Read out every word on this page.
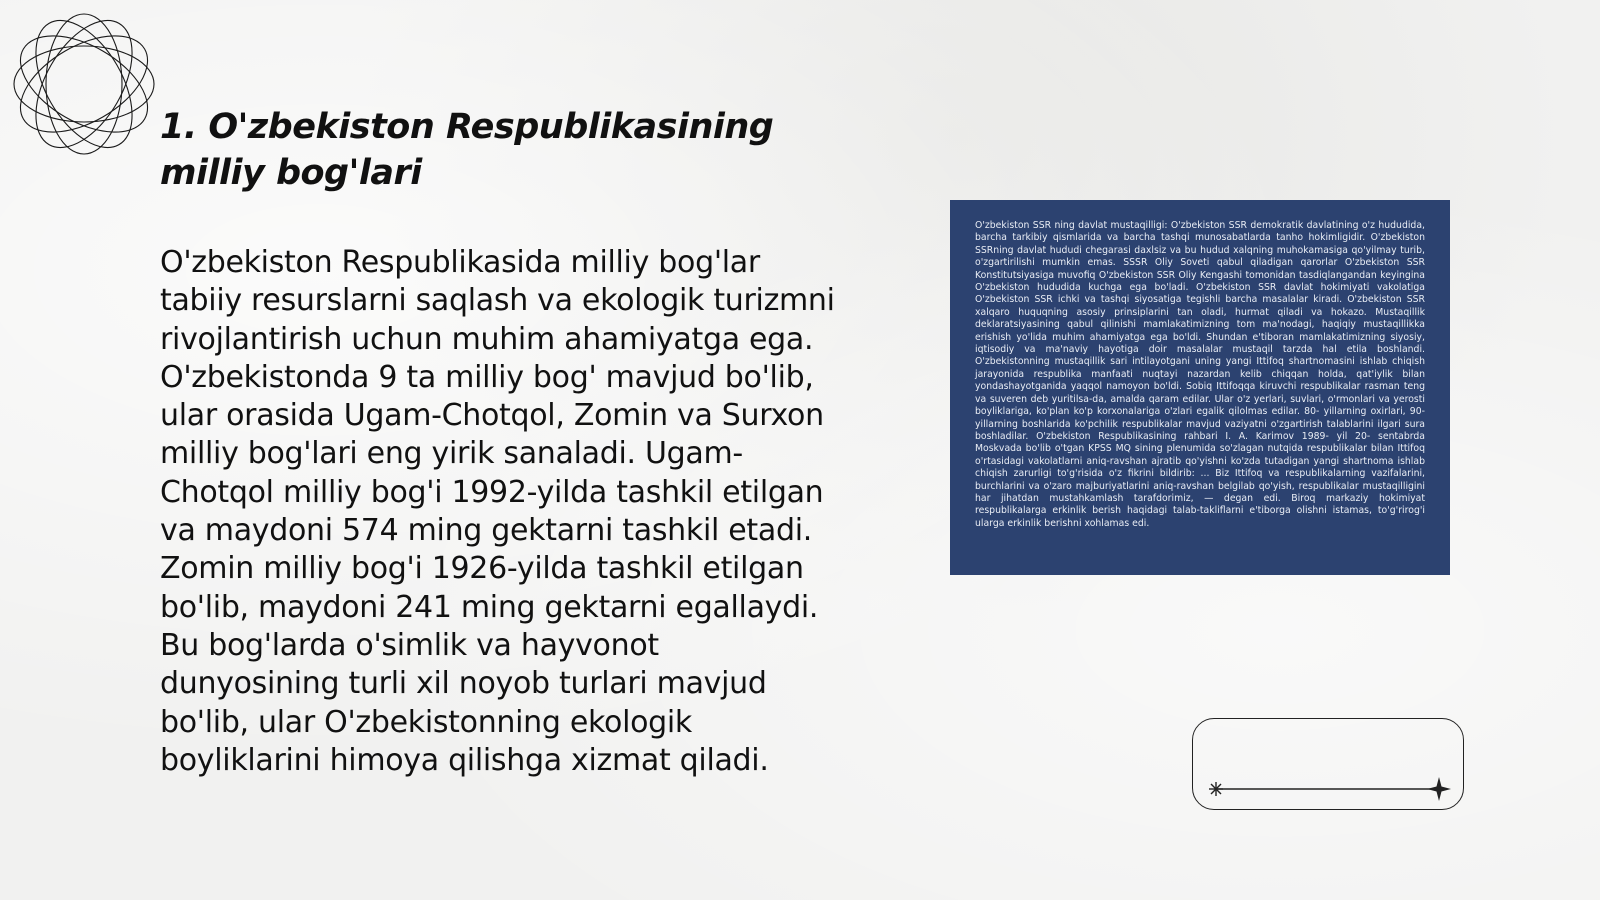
1. O'zbekiston Respublikasining milliy bog'lari

O'zbekiston Respublikasida milliy bog'lar tabiiy resurslarni saqlash va ekologik turizmni rivojlantirish uchun muhim ahamiyatga ega. O'zbekistonda 9 ta milliy bog' mavjud bo'lib, ular orasida Ugam-Chotqol, Zomin va Surxon milliy bog'lari eng yirik sanaladi. Ugam-Chotqol milliy bog'i 1992-yilda tashkil etilgan va maydoni 574 ming gektarni tashkil etadi. Zomin milliy bog'i 1926-yilda tashkil etilgan bo'lib, maydoni 241 ming gektarni egallaydi. Bu bog'larda o'simlik va hayvonot dunyosining turli xil noyob turlari mavjud bo'lib, ular O'zbekistonning ekologik boyliklarini himoya qilishga xizmat qiladi.

O'zbekiston SSR ning davlat mustaqilligi: O'zbekiston SSR demokratik davlatining o'z hududida, barcha tarkibiy qismlarida va barcha tashqi munosabatlarda tanho hokimligidir. O'zbekiston SSRning davlat hududi chegarasi daxlsiz va bu hudud xalqning muhokamasiga qo'yilmay turib, o'zgartirilishi mumkin emas. SSSR Oliy Soveti qabul qiladigan qarorlar O'zbekiston SSR Konstitutsiyasiga muvofiq O'zbekiston SSR Oliy Kengashi tomonidan tasdiqlangandan keyingina O'zbekiston hududida kuchga ega bo'ladi. O'zbekiston SSR davlat hokimiyati vakolatiga O'zbekiston SSR ichki va tashqi siyosatiga tegishli barcha masalalar kiradi. O'zbekiston SSR xalqaro huquqning asosiy prinsiplarini tan oladi, hurmat qiladi va hokazo. Mustaqillik deklaratsiyasining qabul qilinishi mamlakatimizning tom ma'nodagi, haqiqiy mustaqillikka erishish yo'lida muhim ahamiyatga ega bo'ldi. Shundan e'tiboran mamlakatimizning siyosiy, iqtisodiy va ma'naviy hayotiga doir masalalar mustaqil tarzda hal etila boshlandi. O'zbekistonning mustaqillik sari intilayotgani uning yangi Ittifoq shartnomasini ishlab chiqish jarayonida respublika manfaati nuqtayi nazardan kelib chiqqan holda, qat'iylik bilan yondashayotganida yaqqol namoyon bo'ldi. Sobiq Ittifoqqa kiruvchi respublikalar rasman teng va suveren deb yuritilsa-da, amalda qaram edilar. Ular o'z yerlari, suvlari, o'rmonlari va yerosti boyliklariga, ko'plan ko'p korxonalariga o'zlari egalik qilolmas edilar. 80- yillarning oxirlari, 90- yillarning boshlarida ko'pchilik respublikalar mavjud vaziyatni o'zgartirish talablarini ilgari sura boshladilar. O'zbekiston Respublikasining rahbari I. A. Karimov 1989- yil 20- sentabrda Moskvada bo'lib o'tgan KPSS MQ sining plenumida so'zlagan nutqida respublikalar bilan Ittifoq o'rtasidagi vakolatlarni aniq-ravshan ajratib qo'yishni ko'zda tutadigan yangi shartnoma ishlab chiqish zarurligi to'g'risida o'z fikrini bildirib: ... Biz Ittifoq va respublikalarning vazifalarini, burchlarini va o'zaro majburiyatlarini aniq-ravshan belgilab qo'yish, respublikalar mustaqilligini har jihatdan mustahkamlash tarafdorimiz, — degan edi. Biroq markaziy hokimiyat respublikalarga erkinlik berish haqidagi talab-takliflarni e'tiborga olishni istamas, to'g'rirog'i ularga erkinlik berishni xohlamas edi.
